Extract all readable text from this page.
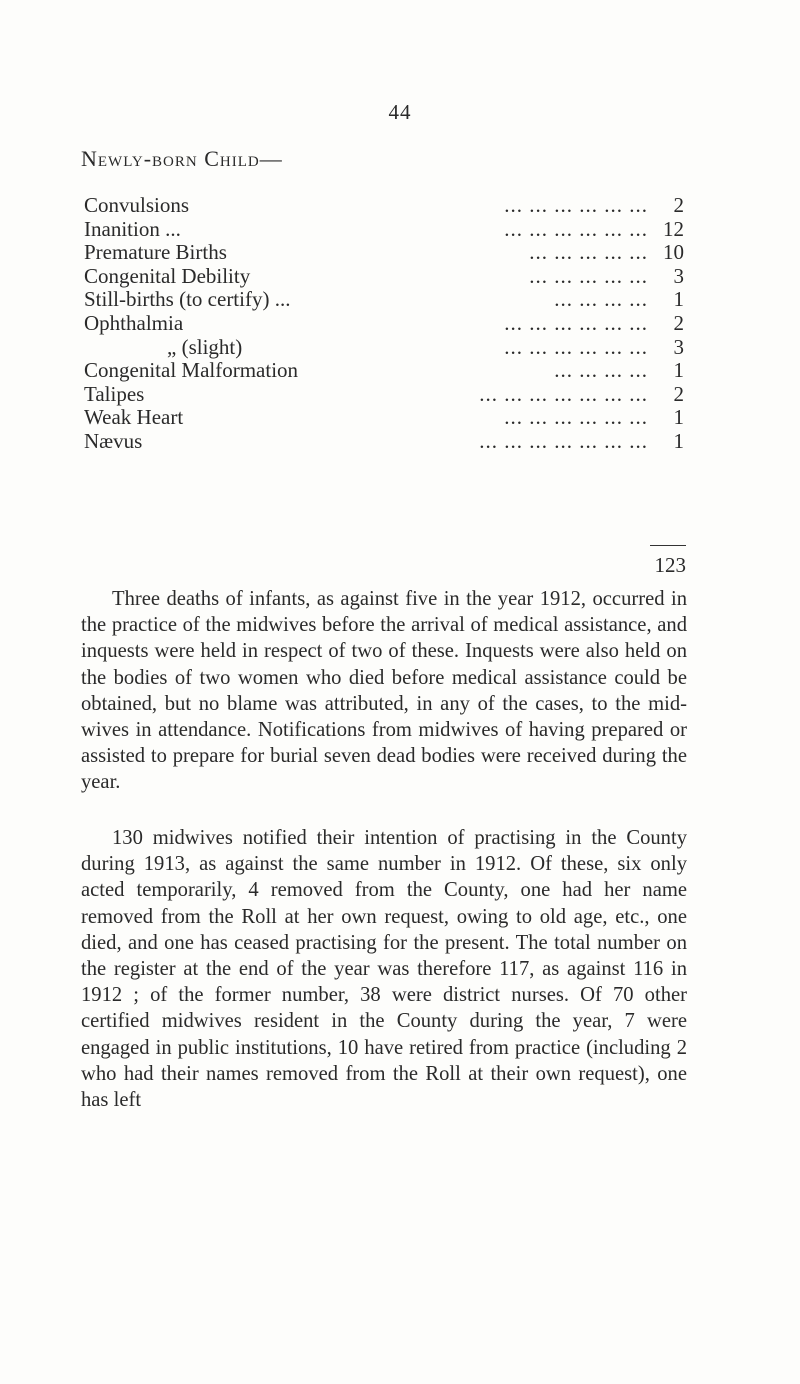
44
Newly-born Child—
Convulsions	... ... ... ... ... ...	2
Inanition ...	... ... ... ... ... ... 12
Premature Births	... ... ... ... ... 10
Congenital Debility	... ... ... ... ...	3
Still-births (to certify) ...	... ... ... ...	1
Ophthalmia	... ... ... ... ... ...	2
„ (slight)	... ... ... ... ... ...	3
Congenital Malformation	... ... ... ...	1
Talipes	... ... ... ... ... ... ...	2
Weak Heart	... ... ... ... ... ...	1
Nævus	... ... ... ... ... ... ...	1
123

Three deaths of infants, as against five in the year 1912, occurred in the practice of the midwives before the arrival of medical assistance, and inquests were held in respect of two of these. Inquests were also held on the bodies of two women who died before medical assistance could be obtained, but no blame was attributed, in any of the cases, to the mid-wives in attendance. Notifications from midwives of having prepared or assisted to prepare for burial seven dead bodies were received during the year.

130 midwives notified their intention of practising in the County during 1913, as against the same number in 1912. Of these, six only acted temporarily, 4 removed from the County, one had her name removed from the Roll at her own request, owing to old age, etc., one died, and one has ceased practising for the present. The total number on the register at the end of the year was therefore 117, as against 116 in 1912 ; of the former number, 38 were district nurses. Of 70 other certified midwives resident in the County during the year, 7 were engaged in public institutions, 10 have retired from practice (including 2 who had their names removed from the Roll at their own request), one has left
